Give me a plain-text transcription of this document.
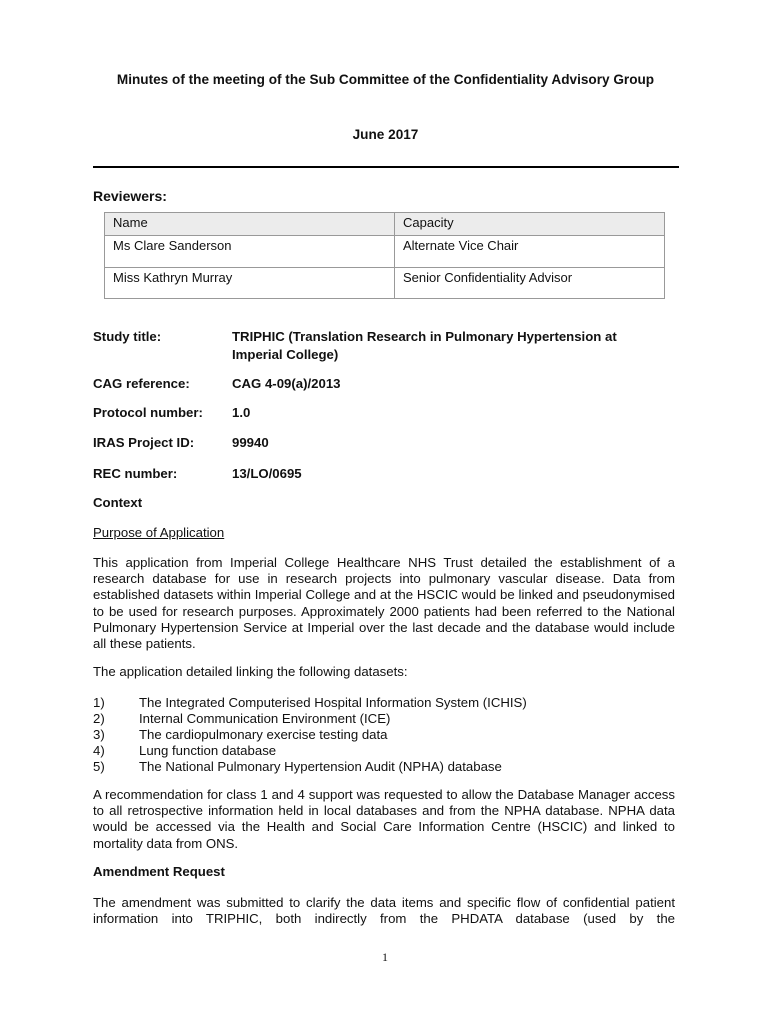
Minutes of the meeting of the Sub Committee of the Confidentiality Advisory Group
June 2017
Reviewers:
Name	Capacity
Ms Clare Sanderson	Alternate Vice Chair
Miss Kathryn Murray	Senior Confidentiality Advisor
Study title:	TRIPHIC (Translation Research in Pulmonary Hypertension at Imperial College)
CAG reference:	CAG 4-09(a)/2013
Protocol number: 1.0
IRAS Project ID:	99940
REC number:	13/LO/0695
Context
Purpose of Application
This application from Imperial College Healthcare NHS Trust detailed the establishment of a research database for use in research projects into pulmonary vascular disease. Data from established datasets within Imperial College and at the HSCIC would be linked and pseudonymised to be used for research purposes. Approximately 2000 patients had been referred to the National Pulmonary Hypertension Service at Imperial over the last decade and the database would include all these patients.
The application detailed linking the following datasets:
1)	The Integrated Computerised Hospital Information System (ICHIS)
2)	Internal Communication Environment (ICE)
3)	The cardiopulmonary exercise testing data
4)	Lung function database
5)	The National Pulmonary Hypertension Audit (NPHA) database
A recommendation for class 1 and 4 support was requested to allow the Database Manager access to all retrospective information held in local databases and from the NPHA database. NPHA data would be accessed via the Health and Social Care Information Centre (HSCIC) and linked to mortality data from ONS.
Amendment Request
The amendment was submitted to clarify the data items and specific flow of confidential patient information into TRIPHIC, both indirectly from the PHDATA database (used by the
1
